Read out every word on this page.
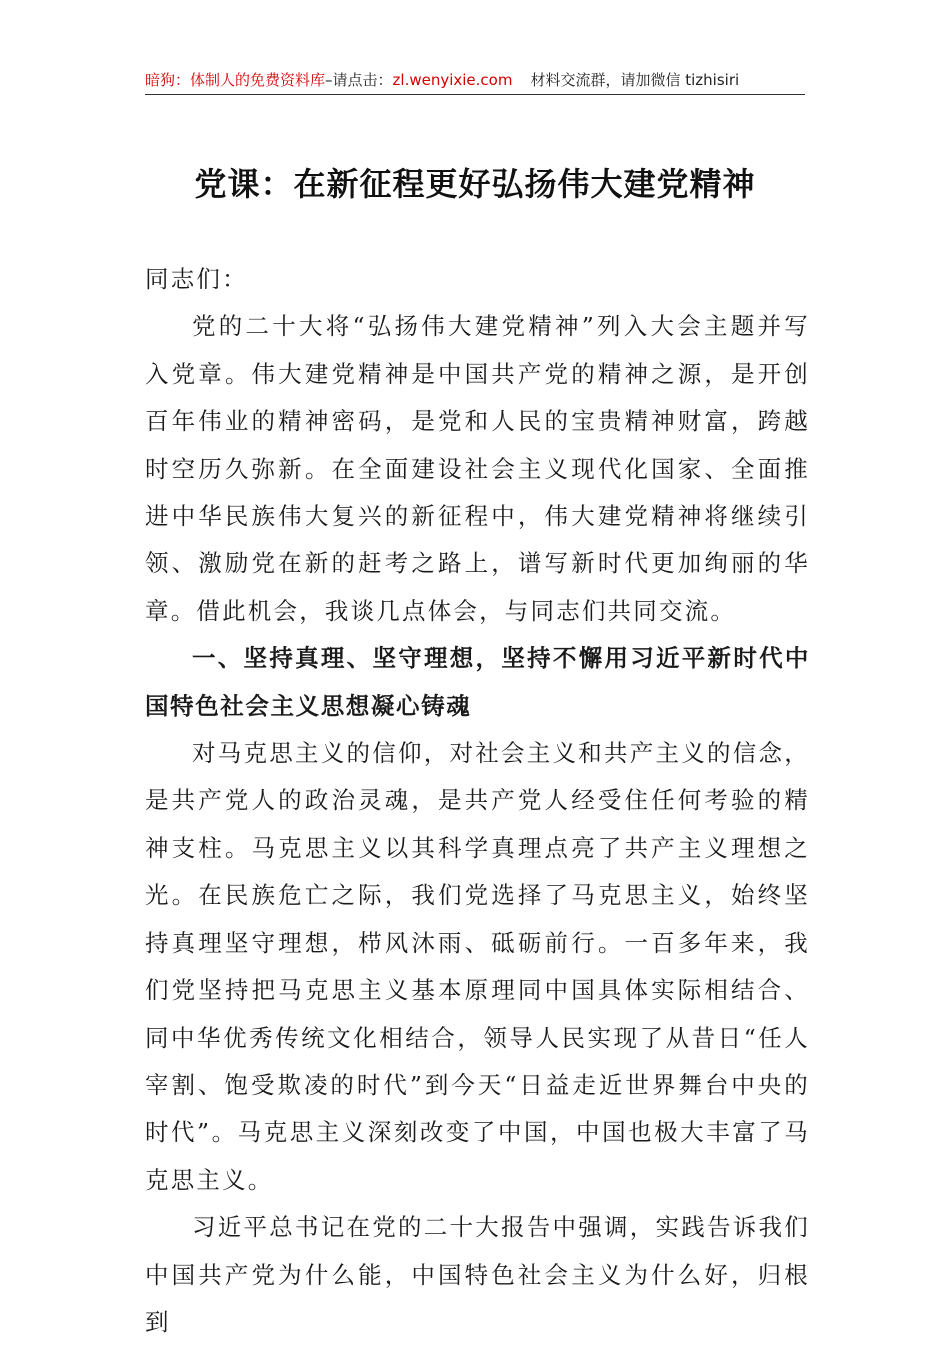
暗狗：体制人的免费资料库–请点击：zl.wenyixie.com 材料交流群，请加微信 tizhisiri
党课：在新征程更好弘扬伟大建党精神

同志们：

党的二十大将“弘扬伟大建党精神”列入大会主题并写入党章。伟大建党精神是中国共产党的精神之源，是开创百年伟业的精神密码，是党和人民的宝贵精神财富，跨越时空历久弥新。在全面建设社会主义现代化国家、全面推进中华民族伟大复兴的新征程中，伟大建党精神将继续引领、激励党在新的赶考之路上，谱写新时代更加绚丽的华章。借此机会，我谈几点体会，与同志们共同交流。

一、坚持真理、坚守理想，坚持不懈用习近平新时代中国特色社会主义思想凝心铸魂

对马克思主义的信仰，对社会主义和共产主义的信念，是共产党人的政治灵魂，是共产党人经受住任何考验的精神支柱。马克思主义以其科学真理点亮了共产主义理想之光。在民族危亡之际，我们党选择了马克思主义，始终坚持真理坚守理想，栉风沐雨、砥砺前行。一百多年来，我们党坚持把马克思主义基本原理同中国具体实际相结合、同中华优秀传统文化相结合，领导人民实现了从昔日“任人宰割、饱受欺凌的时代”到今天“日益走近世界舞台中央的时代”。马克思主义深刻改变了中国，中国也极大丰富了马克思主义。

习近平总书记在党的二十大报告中强调，实践告诉我们中国共产党为什么能，中国特色社会主义为什么好，归根到
